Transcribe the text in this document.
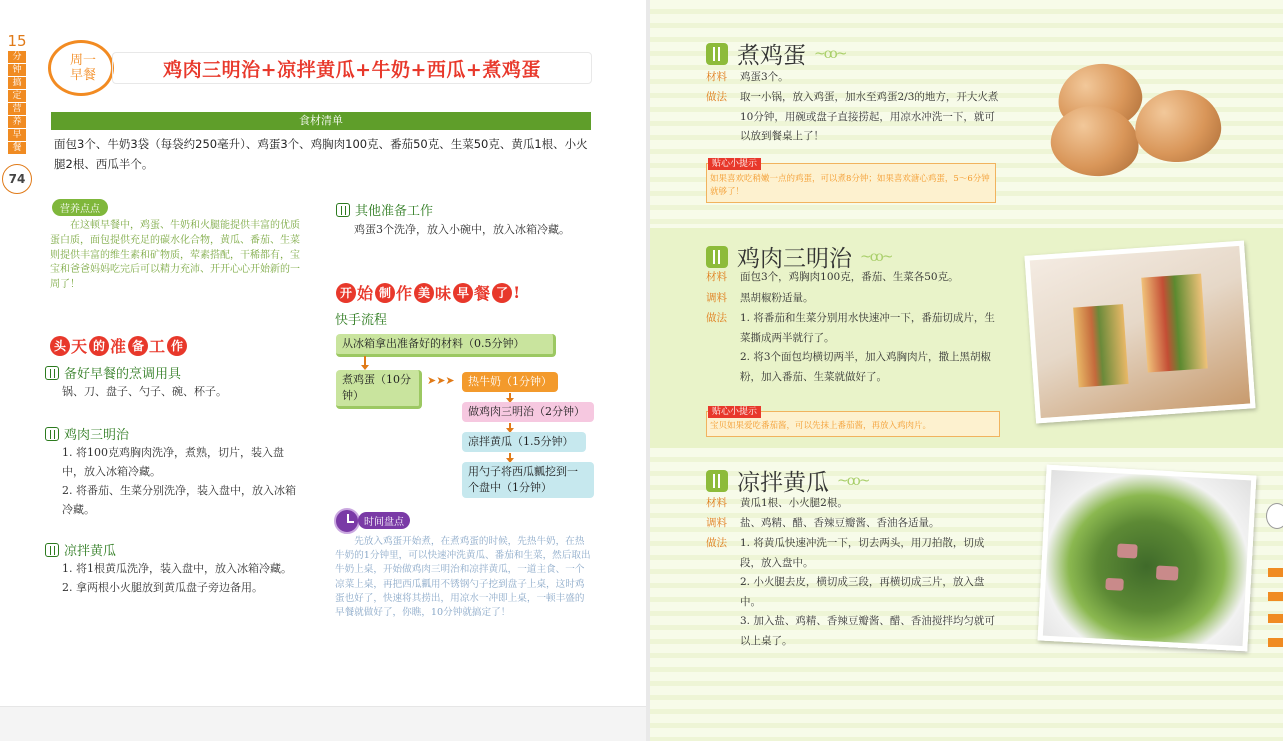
15
分
钟
搞
定
营
养
早
餐
74
周一
早餐	鸡肉三明治+凉拌黄瓜+牛奶+西瓜+煮鸡蛋
食材清单
面包3个、牛奶3袋（每袋约250毫升）、鸡蛋3个、鸡胸肉100克、番茄50克、生菜50克、黄瓜1根、小火腿2根、西瓜半个。
营养点点
在这顿早餐中，鸡蛋、牛奶和火腿能提供丰富的优质蛋白质，面包提供充足的碳水化合物，黄瓜、番茄、生菜则提供丰富的维生素和矿物质，荤素搭配，干稀都有，宝宝和爸爸妈妈吃完后可以精力充沛、开开心心开始新的一周了！
头 天 的 准 备 工 作
备好早餐的烹调用具

锅、刀、盘子、勺子、碗、杯子。

鸡肉三明治

1. 将100克鸡胸肉洗净，煮熟，切片，装入盘中，放入冰箱冷藏。

2. 将番茄、生菜分别洗净，装入盘中，放入冰箱冷藏。

凉拌黄瓜

1. 将1根黄瓜洗净，装入盘中，放入冰箱冷藏。

2. 拿两根小火腿放到黄瓜盘子旁边备用。

其他准备工作
鸡蛋3个洗净，放入小碗中，放入冰箱冷藏。
开 始 制 作 美 味 早 餐 了 !
快手流程
从冰箱拿出准备好的材料（0.5分钟）
煮鸡蛋（10分钟）
➤➤➤	热牛奶（1分钟）
做鸡肉三明治（2分钟）
凉拌黄瓜（1.5分钟）
用勺子将西瓜瓤挖到一个盘中（1分钟）
时间盘点
先放入鸡蛋开始煮，在煮鸡蛋的时候，先热牛奶，在热牛奶的1分钟里，可以快速冲洗黄瓜、番茄和生菜，然后取出牛奶上桌，开始做鸡肉三明治和凉拌黄瓜，一道主食、一个凉菜上桌，再把西瓜瓤用不锈钢勺子挖到盘子上桌，这时鸡蛋也好了，快速将其捞出，用凉水一冲即上桌，一顿丰盛的早餐就做好了，你瞧，10分钟就搞定了！
煮鸡蛋 ~ꝏ~
材料	鸡蛋3个。
做法	取一小锅，放入鸡蛋，加水至鸡蛋2/3的地方，开大火煮10分钟，用碗或盘子直接捞起，用凉水冲洗一下，就可以放到餐桌上了！
贴心小提示
如果喜欢吃稍嫩一点的鸡蛋，可以煮8分钟；如果喜欢溏心鸡蛋，5～6分钟就够了！
鸡肉三明治 ~ꝏ~
材料	面包3个，鸡胸肉100克，番茄、生菜各50克。
调料	黑胡椒粉适量。
做法	1. 将番茄和生菜分别用水快速冲一下，番茄切成片，生菜撕成两半就行了。
2. 将3个面包均横切两半，加入鸡胸肉片，撒上黑胡椒粉，加入番茄、生菜就做好了。
贴心小提示
宝贝如果爱吃番茄酱，可以先抹上番茄酱，再放入鸡肉片。
凉拌黄瓜 ~ꝏ~
材料	黄瓜1根、小火腿2根。
调料	盐、鸡精、醋、香辣豆瓣酱、香油各适量。
做法	1. 将黄瓜快速冲洗一下，切去两头，用刀拍散，切成段，放入盘中。
2. 小火腿去皮，横切成三段，再横切成三片，放入盘中。
3. 加入盐、鸡精、香辣豆瓣酱、醋、香油搅拌均匀就可以上桌了。
